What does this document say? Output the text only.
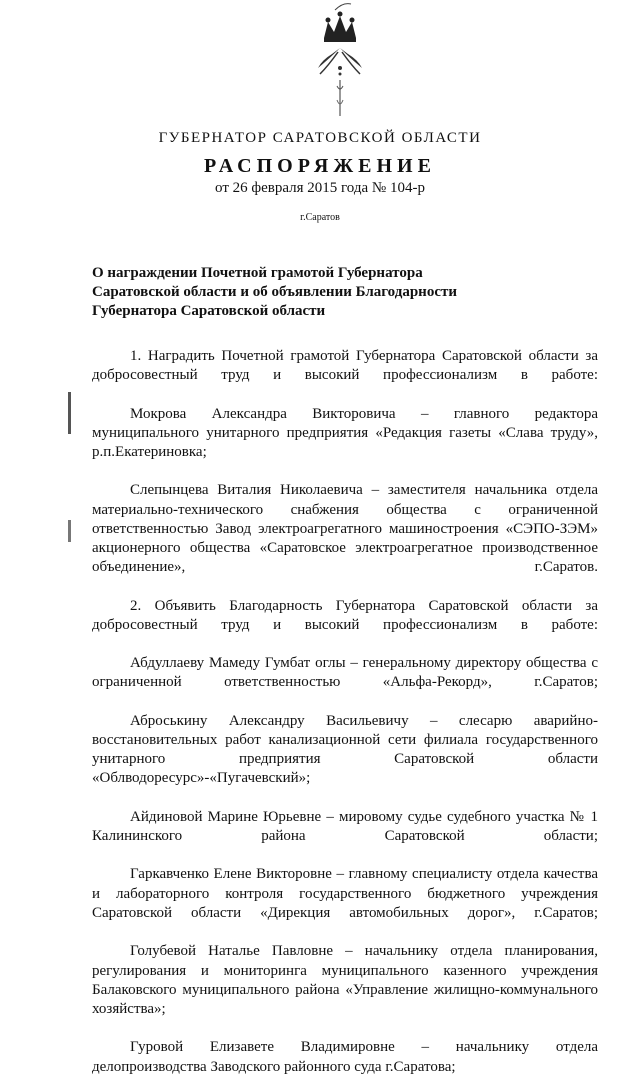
ГУБЕРНАТОР САРАТОВСКОЙ ОБЛАСТИ
РАСПОРЯЖЕНИЕ
от 26 февраля 2015 года № 104-р
г.Саратов
О награждении Почетной грамотой Губернатора
Саратовской области и об объявлении Благодарности
Губернатора Саратовской области

1. Наградить Почетной грамотой Губернатора Саратовской области за добросовестный труд и высокий профессионализм в работе:

Мокрова Александра Викторовича – главного редактора муниципального унитарного предприятия «Редакция газеты «Слава труду», р.п.Екатериновка;

Слепынцева Виталия Николаевича – заместителя начальника отдела материально-технического снабжения общества с ограниченной ответственностью Завод электроагрегатного машиностроения «СЭПО-ЗЭМ» акционерного общества «Саратовское электроагрегатное производственное объединение», г.Саратов.

2. Объявить Благодарность Губернатора Саратовской области за добросовестный труд и высокий профессионализм в работе:

Абдуллаеву Мамеду Гумбат оглы – генеральному директору общества с ограниченной ответственностью «Альфа-Рекорд», г.Саратов;

Аброськину Александру Васильевичу – слесарю аварийно-восстановительных работ канализационной сети филиала государственного унитарного предприятия Саратовской области «Облводоресурс»-«Пугачевский»;

Айдиновой Марине Юрьевне – мировому судье судебного участка № 1 Калининского района Саратовской области;

Гаркавченко Елене Викторовне – главному специалисту отдела качества и лабораторного контроля государственного бюджетного учреждения Саратовской области «Дирекция автомобильных дорог», г.Саратов;

Голубевой Наталье Павловне – начальнику отдела планирования, регулирования и мониторинга муниципального казенного учреждения Балаковского муниципального района «Управление жилищно-коммунального хозяйства»;

Гуровой Елизавете Владимировне – начальнику отдела делопроизводства Заводского районного суда г.Саратова;
